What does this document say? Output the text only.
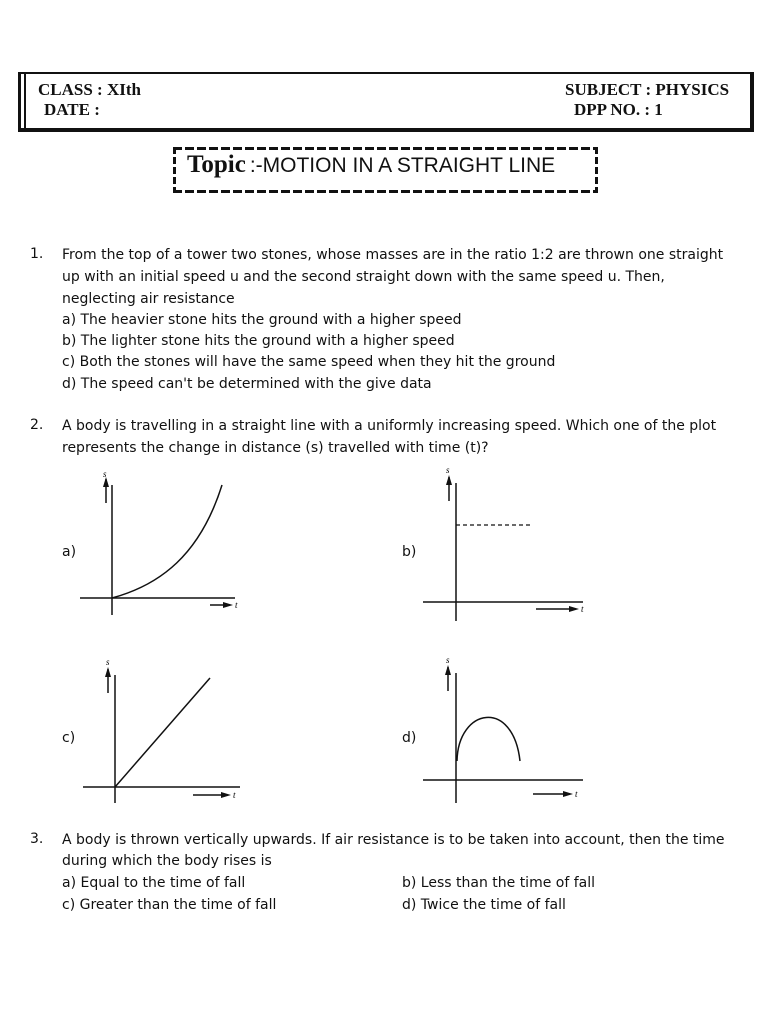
CLASS : XIth
DATE :
SUBJECT : PHYSICS
DPP NO. : 1
Topic :-MOTION IN A STRAIGHT LINE
1. From the top of a tower two stones, whose masses are in the ratio 1:2 are thrown one straight
up with an initial speed u and the second straight down with the same speed u. Then,
neglecting air resistance
a) The heavier stone hits the ground with a higher speed
b) The lighter stone hits the ground with a higher speed
c) Both the stones will have the same speed when they hit the ground
d) The speed can't be determined with the give data
2. A body is travelling in a straight line with a uniformly increasing speed. Which one of the plot
represents the change in distance (s) travelled with time (t)?
a)	b)
c)	d)
s
t
s
t
s
t
s
t
3. A body is thrown vertically upwards. If air resistance is to be taken into account, then the time
during which the body rises is
a) Equal to the time of fall	b) Less than the time of fall
c) Greater than the time of fall	d) Twice the time of fall
